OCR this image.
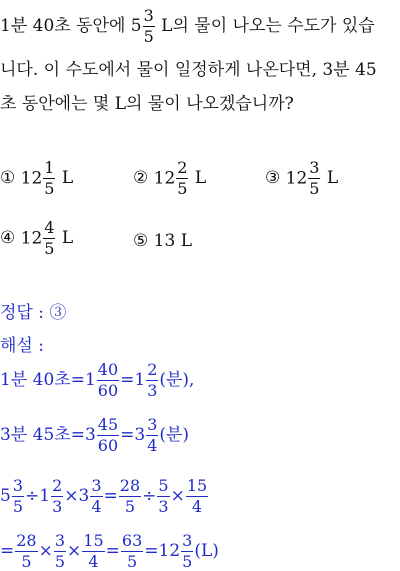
1분 40초 동안에 $5 \frac{3}{5}$ L의 물이 나오는 수도가 있습
니다. 이 수도에서 물이 일정하게 나온다면, 3분 45
초 동안에는 몇 L의 물이 나오겠습니까?
① $12 \frac{1}{5}$ L	② $12 \frac{2}{5}$ L	③ $12 \frac{3}{5}$ L
④ $12 \frac{4}{5}$ L	⑤ 13 L
정답 : ③
해설 :
1분 40초$=1 \frac{40}{60} =1 \frac{2}{3}$ (분),
3분 45초$=3 \frac{45}{60} =3 \frac{3}{4}$ (분)
$5 \frac{3}{5} \div 1 \frac{2}{3} \times 3 \frac{3}{4} = \frac{28}{5} \div \frac{5}{3} \times \frac{15}{4}$
= $\frac{28}{5} \times \frac{3}{5} \times \frac{15}{4} = \frac{63}{5} =12 \frac{3}{5} (L)$
